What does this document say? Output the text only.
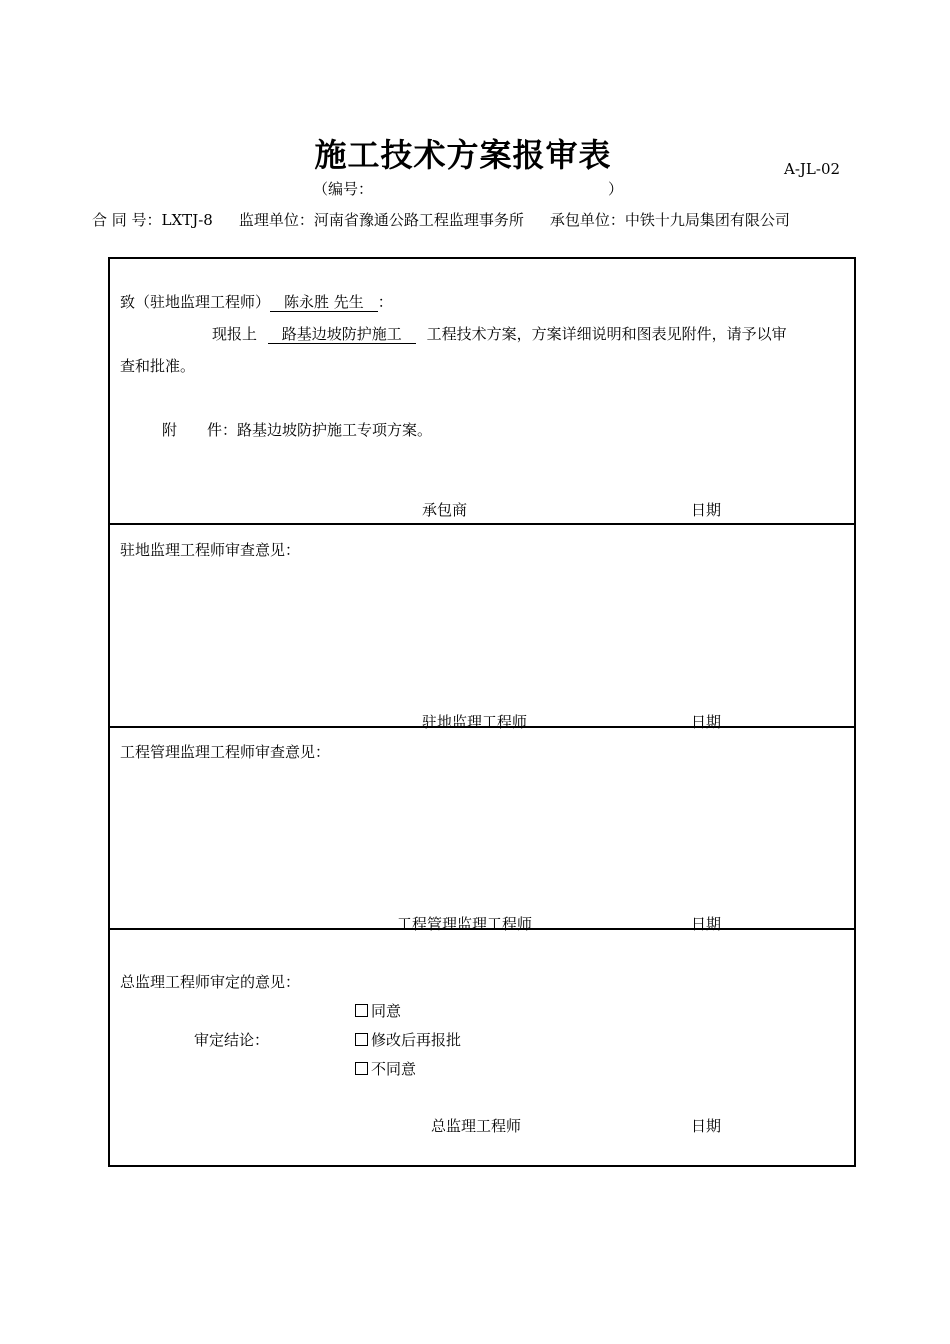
施工技术方案报审表	A-JL-02
（编号：	）
合 同 号：LXTJ-8 监理单位：河南省豫通公路工程监理事务所 承包单位：中铁十九局集团有限公司
致（驻地监理工程师） 陈永胜 先生 ：
现报上 路基边坡防护施工 工程技术方案，方案详细说明和图表见附件，请予以审
查和批准。
附　　件：路基边坡防护施工专项方案。
承包商	日期
驻地监理工程师审查意见：
驻地监理工程师	日期
工程管理监理工程师审查意见：
工程管理监理工程师	日期
总监理工程师审定的意见：
同意
审定结论：	修改后再报批
不同意
总监理工程师	日期
